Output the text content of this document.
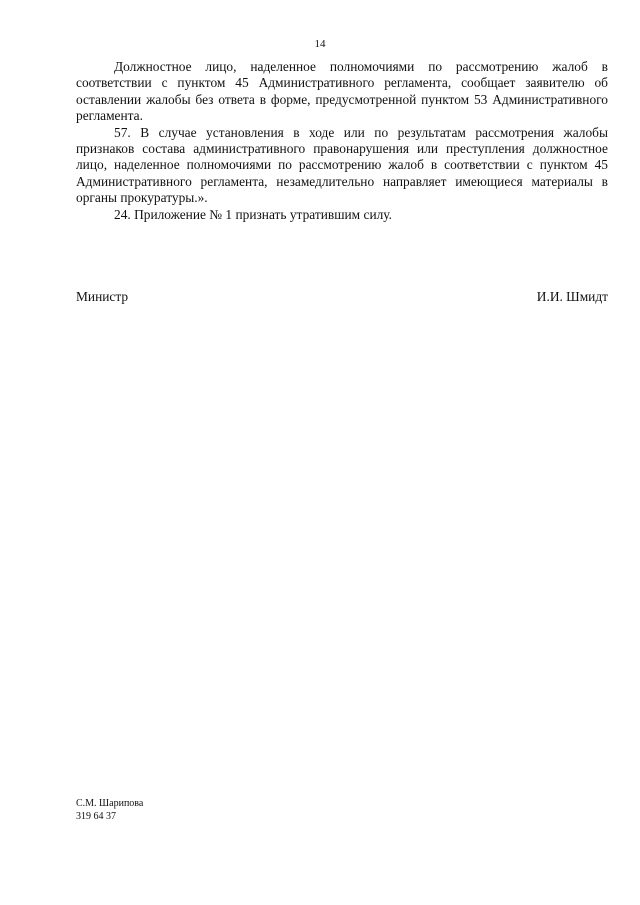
14

Должностное лицо, наделенное полномочиями по рассмотрению жалоб в соответствии с пунктом 45 Административного регламента, сообщает заявителю об оставлении жалобы без ответа в форме, предусмотренной пунктом 53 Административного регламента.

57. В случае установления в ходе или по результатам рассмотрения жалобы признаков состава административного правонарушения или преступления должностное лицо, наделенное полномочиями по рассмотрению жалоб в соответствии с пунктом 45 Административного регламента, незамедлительно направляет имеющиеся материалы в органы прокуратуры.».

24. Приложение № 1 признать утратившим силу.

Министр	И.И. Шмидт
С.М. Шарипова
319 64 37
